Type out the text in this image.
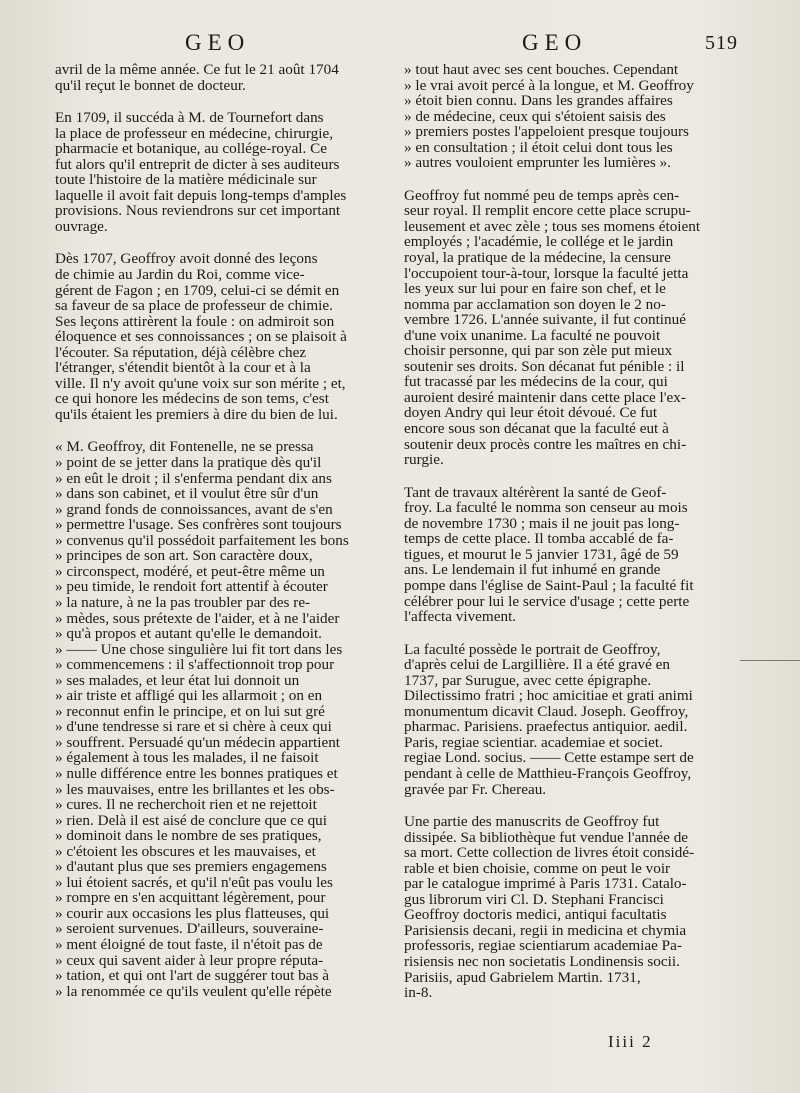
GEO	GEO	519

avril de la même année. Ce fut le 21 août 1704
qu'il reçut le bonnet de docteur.

En 1709, il succéda à M. de Tournefort dans
la place de professeur en médecine, chirurgie,
pharmacie et botanique, au collége-royal. Ce
fut alors qu'il entreprit de dicter à ses auditeurs
toute l'histoire de la matière médicinale sur
laquelle il avoit fait depuis long-temps d'amples
provisions. Nous reviendrons sur cet important
ouvrage.

Dès 1707, Geoffroy avoit donné des leçons
de chimie au Jardin du Roi, comme vice-
gérent de Fagon ; en 1709, celui-ci se démit en
sa faveur de sa place de professeur de chimie.
Ses leçons attirèrent la foule : on admiroit son
éloquence et ses connoissances ; on se plaisoit à
l'écouter. Sa réputation, déjà célèbre chez
l'étranger, s'étendit bientôt à la cour et à la
ville. Il n'y avoit qu'une voix sur son mérite ; et,
ce qui honore les médecins de son tems, c'est
qu'ils étaient les premiers à dire du bien de lui.

« M. Geoffroy, dit Fontenelle, ne se pressa
» point de se jetter dans la pratique dès qu'il
» en eût le droit ; il s'enferma pendant dix ans
» dans son cabinet, et il voulut être sûr d'un
» grand fonds de connoissances, avant de s'en
» permettre l'usage. Ses confrères sont toujours
» convenus qu'il possédoit parfaitement les bons
» principes de son art. Son caractère doux,
» circonspect, modéré, et peut-être même un
» peu timide, le rendoit fort attentif à écouter
» la nature, à ne la pas troubler par des re-
» mèdes, sous prétexte de l'aider, et à ne l'aider
» qu'à propos et autant qu'elle le demandoit.
» —— Une chose singulière lui fit tort dans les
» commencemens : il s'affectionnoit trop pour
» ses malades, et leur état lui donnoit un
» air triste et affligé qui les allarmoit ; on en
» reconnut enfin le principe, et on lui sut gré
» d'une tendresse si rare et si chère à ceux qui
» souffrent. Persuadé qu'un médecin appartient
» également à tous les malades, il ne faisoit
» nulle différence entre les bonnes pratiques et
» les mauvaises, entre les brillantes et les obs-
» cures. Il ne recherchoit rien et ne rejettoit
» rien. Delà il est aisé de conclure que ce qui
» dominoit dans le nombre de ses pratiques,
» c'étoient les obscures et les mauvaises, et
» d'autant plus que ses premiers engagemens
» lui étoient sacrés, et qu'il n'eût pas voulu les
» rompre en s'en acquittant légèrement, pour
» courir aux occasions les plus flatteuses, qui
» seroient survenues. D'ailleurs, souveraine-
» ment éloigné de tout faste, il n'étoit pas de
» ceux qui savent aider à leur propre réputa-
» tation, et qui ont l'art de suggérer tout bas à
» la renommée ce qu'ils veulent qu'elle répète

» tout haut avec ses cent bouches. Cependant
» le vrai avoit percé à la longue, et M. Geoffroy
» étoit bien connu. Dans les grandes affaires
» de médecine, ceux qui s'étoient saisis des
» premiers postes l'appeloient presque toujours
» en consultation ; il étoit celui dont tous les
» autres vouloient emprunter les lumières ».

Geoffroy fut nommé peu de temps après cen-
seur royal. Il remplit encore cette place scrupu-
leusement et avec zèle ; tous ses momens étoient
employés ; l'académie, le collége et le jardin
royal, la pratique de la médecine, la censure
l'occupoient tour-à-tour, lorsque la faculté jetta
les yeux sur lui pour en faire son chef, et le
nomma par acclamation son doyen le 2 no-
vembre 1726. L'année suivante, il fut continué
d'une voix unanime. La faculté ne pouvoit
choisir personne, qui par son zèle put mieux
soutenir ses droits. Son décanat fut pénible : il
fut tracassé par les médecins de la cour, qui
auroient desiré maintenir dans cette place l'ex-
doyen Andry qui leur étoit dévoué. Ce fut
encore sous son décanat que la faculté eut à
soutenir deux procès contre les maîtres en chi-
rurgie.

Tant de travaux altérèrent la santé de Geof-
froy. La faculté le nomma son censeur au mois
de novembre 1730 ; mais il ne jouit pas long-
temps de cette place. Il tomba accablé de fa-
tigues, et mourut le 5 janvier 1731, âgé de 59
ans. Le lendemain il fut inhumé en grande
pompe dans l'église de Saint-Paul ; la faculté fit
célébrer pour lui le service d'usage ; cette perte
l'affecta vivement.

La faculté possède le portrait de Geoffroy,
d'après celui de Largillière. Il a été gravé en
1737, par Surugue, avec cette épigraphe.
Dilectissimo fratri ; hoc amicitiae et grati animi
monumentum dicavit Claud. Joseph. Geoffroy,
pharmac. Parisiens. praefectus antiquior. aedil.
Paris, regiae scientiar. academiae et societ.
regiae Lond. socius. —— Cette estampe sert de
pendant à celle de Matthieu-François Geoffroy,
gravée par Fr. Chereau.

Une partie des manuscrits de Geoffroy fut
dissipée. Sa bibliothèque fut vendue l'année de
sa mort. Cette collection de livres étoit considé-
rable et bien choisie, comme on peut le voir
par le catalogue imprimé à Paris 1731. Catalo-
gus librorum viri Cl. D. Stephani Francisci
Geoffroy doctoris medici, antiqui facultatis
Parisiensis decani, regii in medicina et chymia
professoris, regiae scientiarum academiae Pa-
risiensis nec non societatis Londinensis socii.
Parisiis, apud Gabrielem Martin. 1731,
in-8.

Iiii 2
